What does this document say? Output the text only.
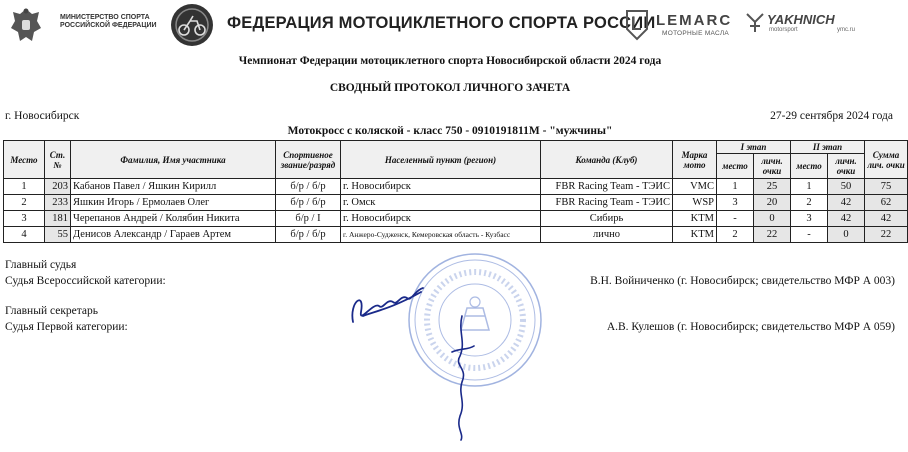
МИНИСТЕРСТВО СПОРТА
РОССИЙСКОЙ ФЕДЕРАЦИИ	ФЕДЕРАЦИЯ МОТОЦИКЛЕТНОГО СПОРТА РОССИИ LEMARC
МОТОРНЫЕ МАСЛА
YAKHNICH
motorsport	ymc.ru
Чемпионат Федерации мотоциклетного спорта Новосибирской области 2024 года
СВОДНЫЙ ПРОТОКОЛ ЛИЧНОГО ЗАЧЕТА
г. Новосибирск	27-29 сентября 2024 года
Мотокросс с коляской - класс 750 - 0910191811М - "мужчины"
Место	Ст. №	Фамилия, Имя участника	Спортивное звание/разряд	Населенный пункт (регион)	Команда (Клуб)	Марка мото	I этап		II этап		Сумма лич. очки
							место	личн. очки	место	личн. очки	
1	203	Кабанов Павел / Яшкин Кирилл	б/р / б/р	г. Новосибирск	FBR Racing Team - ТЭИС	VMC	1	25	1	50	75
2	233	Яшкин Игорь / Ермолаев Олег	б/р / б/р	г. Омск	FBR Racing Team - ТЭИС	WSP	3	20	2	42	62
3	181	Черепанов Андрей / Колябин Никита	б/р / I	г. Новосибирск	Сибирь	KTM	-	0	3	42	42
4	55	Денисов Александр / Гараев Артем	б/р / б/р	г. Анжеро-Судженск, Кемеровская область - Кузбасс	лично	KTM	2	22	-	0	22
Главный судья
Судья Всероссийской категории:	В.Н. Войниченко (г. Новосибирск; свидетельство МФР А 003)
Главный секретарь
Судья Первой категории:	А.В. Кулешов (г. Новосибирск; свидетельство МФР А 059)
